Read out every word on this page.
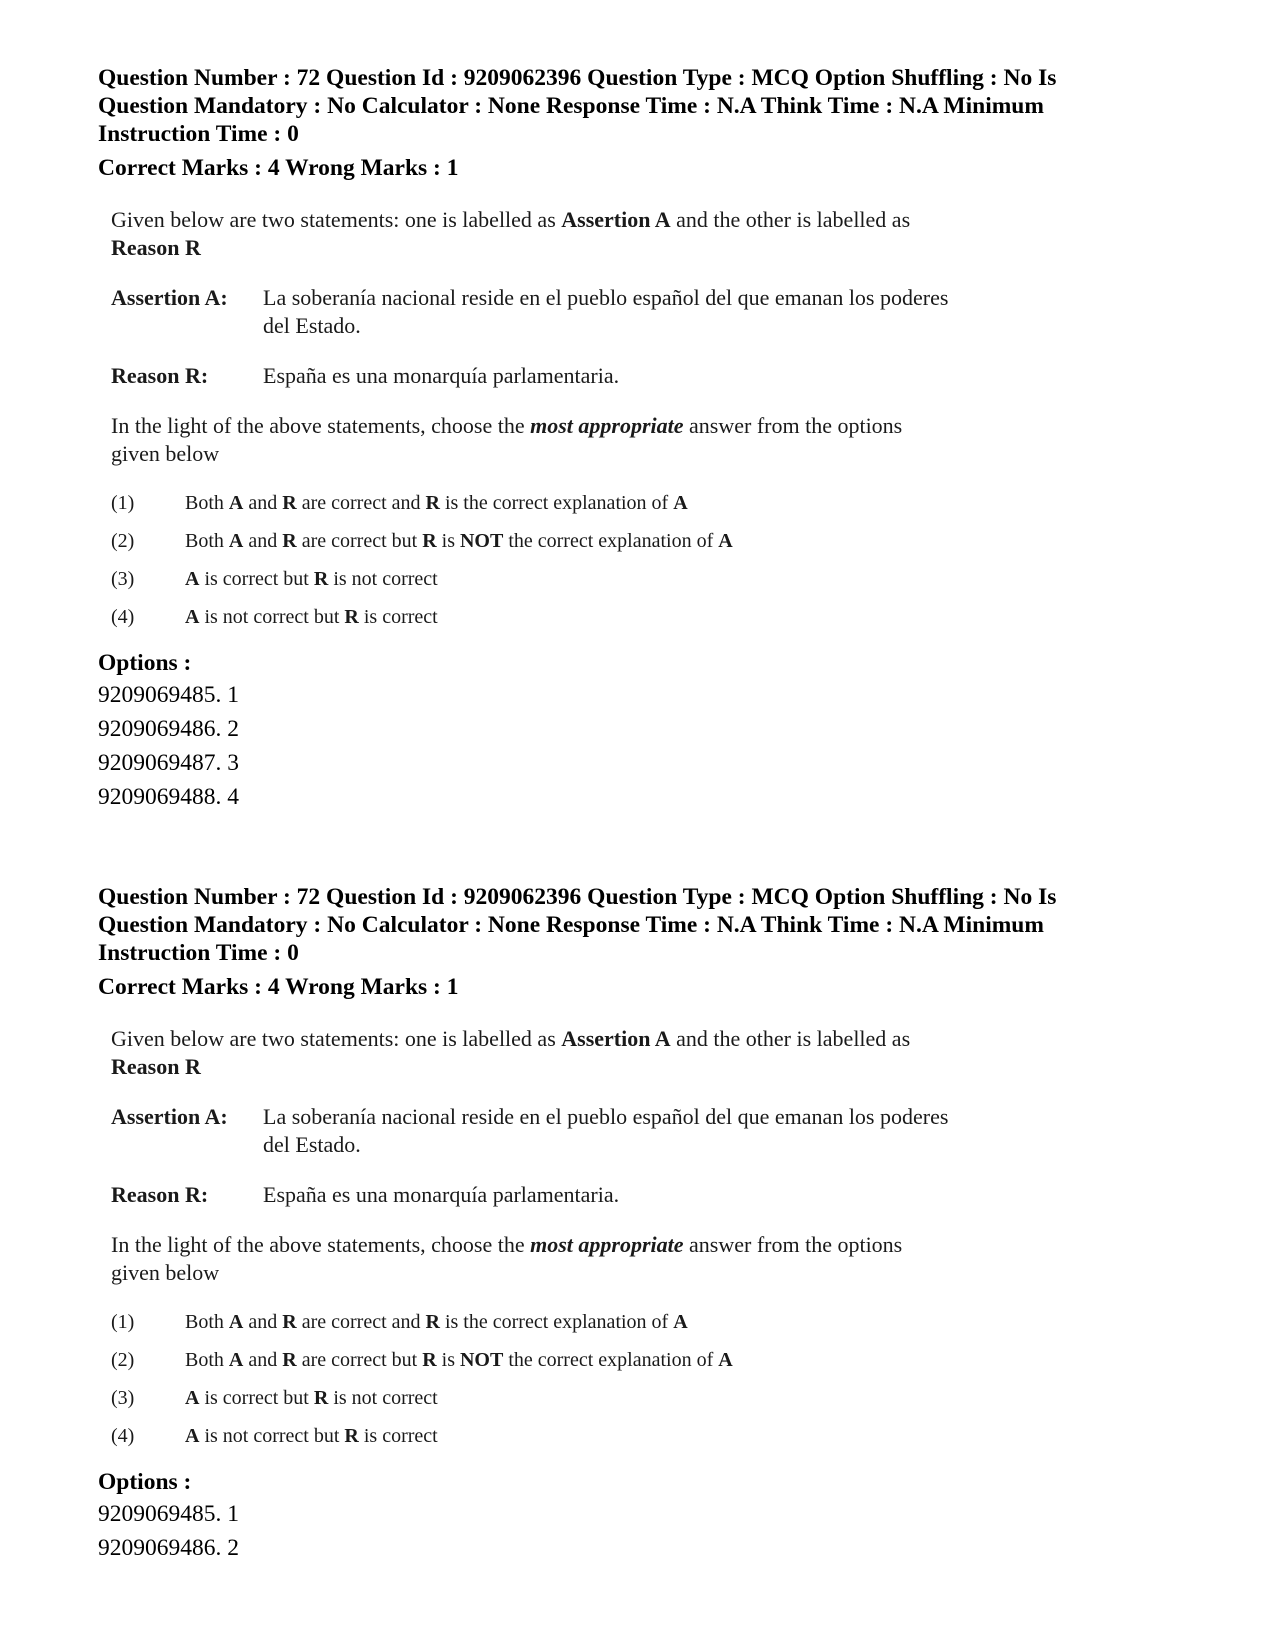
Question Number : 72 Question Id : 9209062396 Question Type : MCQ Option Shuffling : No Is
Question Mandatory : No Calculator : None Response Time : N.A Think Time : N.A Minimum
Instruction Time : 0
Correct Marks : 4 Wrong Marks : 1
Given below are two statements: one is labelled as Assertion A and the other is labelled as
Reason R
Assertion A: La soberanía nacional reside en el pueblo español del que emanan los poderes
del Estado.
Reason R: España es una monarquía parlamentaria.
In the light of the above statements, choose the most appropriate answer from the options
given below
(1)	Both A and R are correct and R is the correct explanation of A
(2)	Both A and R are correct but R is NOT the correct explanation of A
(3)	A is correct but R is not correct
(4)	A is not correct but R is correct
Options :
9209069485. 1
9209069486. 2
9209069487. 3
9209069488. 4
Question Number : 72 Question Id : 9209062396 Question Type : MCQ Option Shuffling : No Is
Question Mandatory : No Calculator : None Response Time : N.A Think Time : N.A Minimum
Instruction Time : 0
Correct Marks : 4 Wrong Marks : 1
Given below are two statements: one is labelled as Assertion A and the other is labelled as
Reason R
Assertion A: La soberanía nacional reside en el pueblo español del que emanan los poderes
del Estado.
Reason R: España es una monarquía parlamentaria.
In the light of the above statements, choose the most appropriate answer from the options
given below
(1)	Both A and R are correct and R is the correct explanation of A
(2)	Both A and R are correct but R is NOT the correct explanation of A
(3)	A is correct but R is not correct
(4)	A is not correct but R is correct
Options :
9209069485. 1
9209069486. 2
